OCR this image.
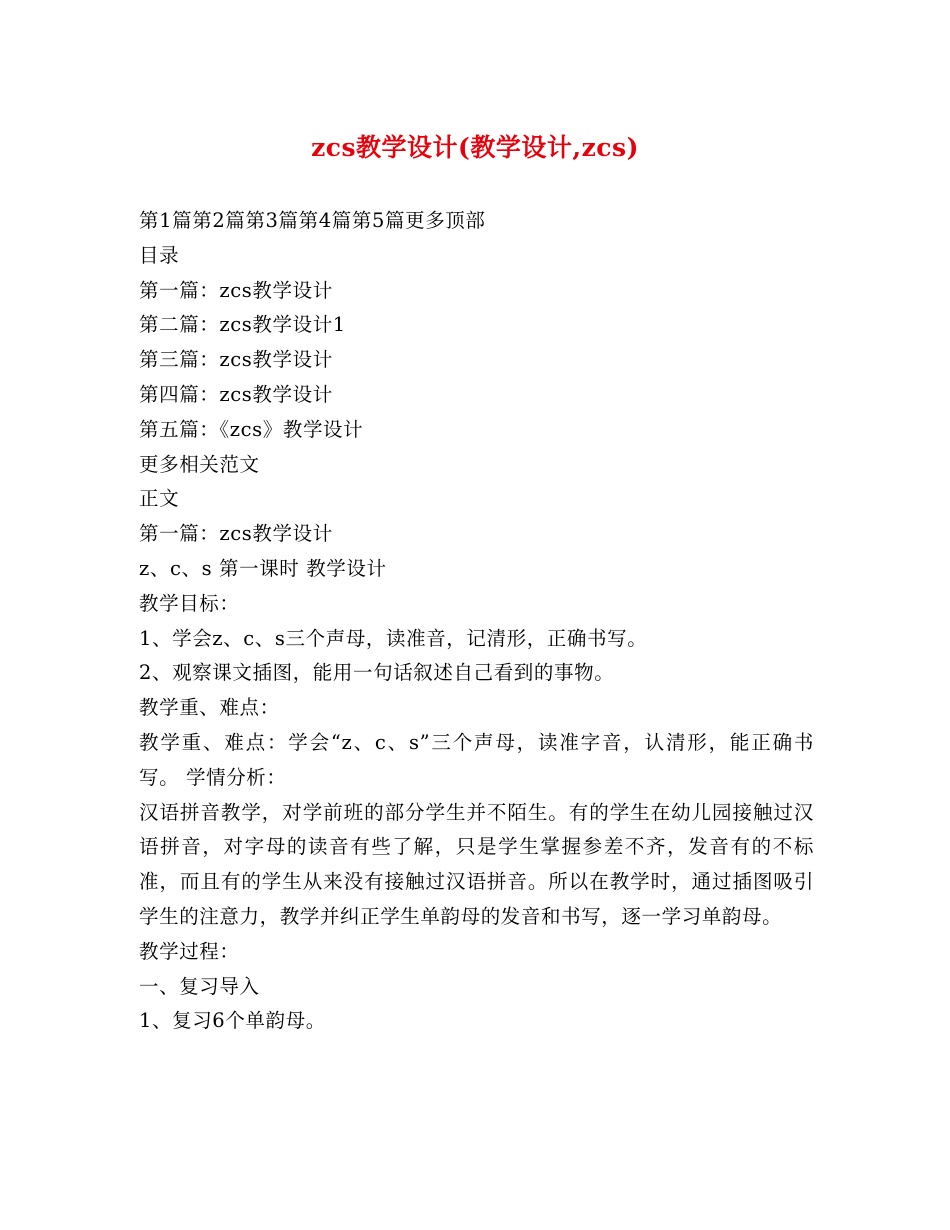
zcs教学设计(教学设计,zcs)
第1篇第2篇第3篇第4篇第5篇更多顶部
目录
第一篇：zcs教学设计
第二篇：zcs教学设计1
第三篇：zcs教学设计
第四篇：zcs教学设计
第五篇：《zcs》教学设计
更多相关范文
正文
第一篇：zcs教学设计
z、c、s 第一课时 教学设计
教学目标：
1、学会z、c、s三个声母，读准音，记清形，正确书写。
2、观察课文插图，能用一句话叙述自己看到的事物。
教学重、难点：
教学重、难点：学会“z、c、s”三个声母，读准字音，认清形，能正确书写。 学情分析：
汉语拼音教学，对学前班的部分学生并不陌生。有的学生在幼儿园接触过汉语拼音，对字母的读音有些了解，只是学生掌握参差不齐，发音有的不标准，而且有的学生从来没有接触过汉语拼音。所以在教学时，通过插图吸引学生的注意力，教学并纠正学生单韵母的发音和书写，逐一学习单韵母。
教学过程：
一、复习导入
1、复习6个单韵母。
